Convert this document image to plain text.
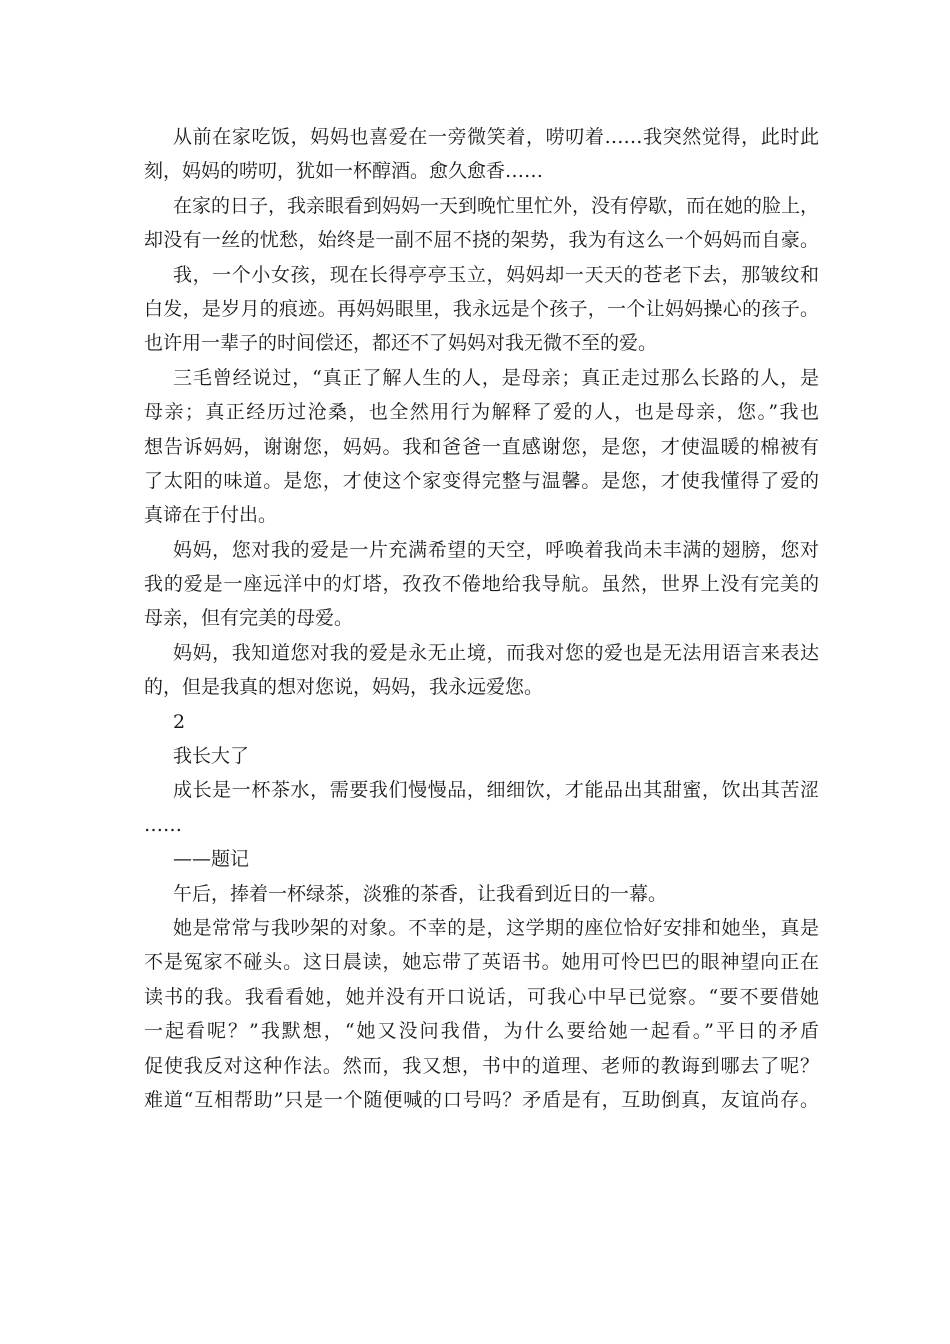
从前在家吃饭，妈妈也喜爱在一旁微笑着，唠叨着……我突然觉得，此时此
刻，妈妈的唠叨，犹如一杯醇酒。愈久愈香……
在家的日子，我亲眼看到妈妈一天到晚忙里忙外，没有停歇，而在她的脸上，
却没有一丝的忧愁，始终是一副不屈不挠的架势，我为有这么一个妈妈而自豪。
我，一个小女孩，现在长得亭亭玉立，妈妈却一天天的苍老下去，那皱纹和
白发，是岁月的痕迹。再妈妈眼里，我永远是个孩子，一个让妈妈操心的孩子。
也许用一辈子的时间偿还，都还不了妈妈对我无微不至的爱。
三毛曾经说过，“真正了解人生的人，是母亲；真正走过那么长路的人，是
母亲；真正经历过沧桑，也全然用行为解释了爱的人，也是母亲，您。”我也
想告诉妈妈，谢谢您，妈妈。我和爸爸一直感谢您，是您，才使温暖的棉被有
了太阳的味道。是您，才使这个家变得完整与温馨。是您，才使我懂得了爱的
真谛在于付出。
妈妈，您对我的爱是一片充满希望的天空，呼唤着我尚未丰满的翅膀，您对
我的爱是一座远洋中的灯塔，孜孜不倦地给我导航。虽然，世界上没有完美的
母亲，但有完美的母爱。
妈妈，我知道您对我的爱是永无止境，而我对您的爱也是无法用语言来表达
的，但是我真的想对您说，妈妈，我永远爱您。
2
我长大了
成长是一杯茶水，需要我们慢慢品，细细饮，才能品出其甜蜜，饮出其苦涩
……
——题记
午后，捧着一杯绿茶，淡雅的茶香，让我看到近日的一幕。
她是常常与我吵架的对象。不幸的是，这学期的座位恰好安排和她坐，真是
不是冤家不碰头。这日晨读，她忘带了英语书。她用可怜巴巴的眼神望向正在
读书的我。我看看她，她并没有开口说话，可我心中早已觉察。“要不要借她
一起看呢？”我默想，“她又没问我借，为什么要给她一起看。”平日的矛盾
促使我反对这种作法。然而，我又想，书中的道理、老师的教诲到哪去了呢？
难道“互相帮助”只是一个随便喊的口号吗？矛盾是有，互助倒真，友谊尚存。
